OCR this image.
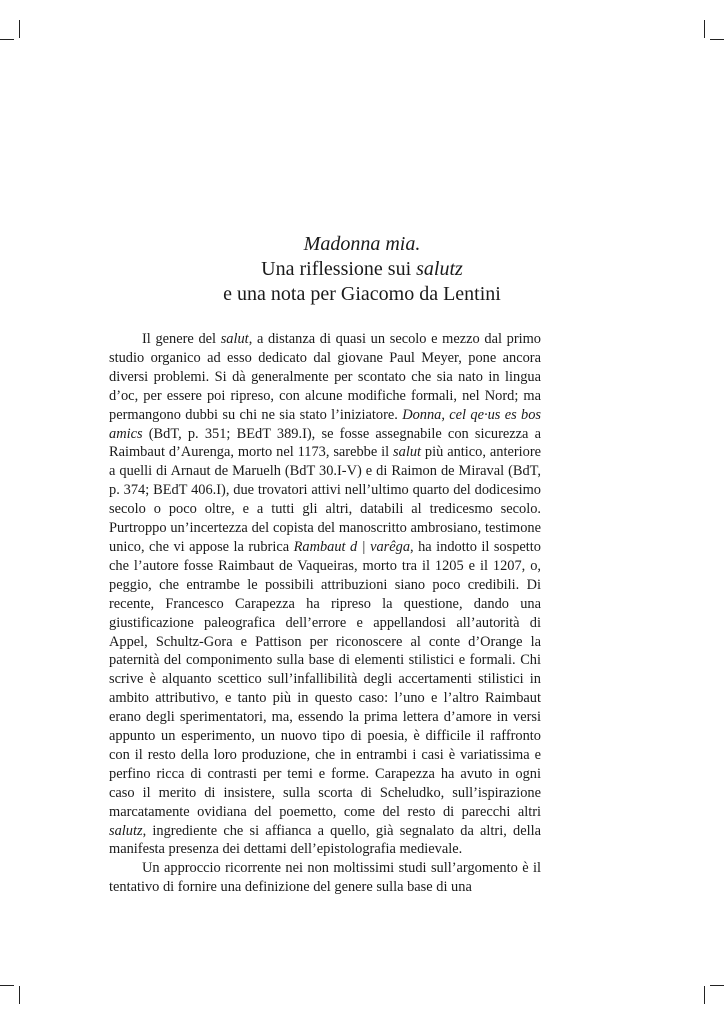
Madonna mia.
Una riflessione sui salutz
e una nota per Giacomo da Lentini

Il genere del salut, a distanza di quasi un secolo e mezzo dal primo studio organico ad esso dedicato dal giovane Paul Meyer, pone ancora diversi problemi. Si dà generalmente per scontato che sia nato in lingua d’oc, per essere poi ripreso, con alcune modifiche formali, nel Nord; ma permangono dubbi su chi ne sia stato l’iniziatore. Donna, cel qe·us es bos amics (BdT, p. 351; BEdT 389.I), se fosse assegnabile con sicurezza a Raimbaut d’Aurenga, morto nel 1173, sarebbe il salut più antico, anteriore a quelli di Arnaut de Maruelh (BdT 30.I-V) e di Raimon de Miraval (BdT, p. 374; BEdT 406.I), due trovatori attivi nell’ultimo quarto del dodicesimo secolo o poco oltre, e a tutti gli altri, databili al tredicesmo secolo. Purtroppo un’incertezza del copista del manoscritto ambrosiano, testimone unico, che vi appose la rubrica Rambaut d | varêga, ha indotto il sospetto che l’autore fosse Raimbaut de Vaqueiras, morto tra il 1205 e il 1207, o, peggio, che entrambe le possibili attribuzioni siano poco credibili. Di recente, Francesco Carapezza ha ripreso la questione, dando una giustificazione paleografica dell’errore e appellandosi all’autorità di Appel, Schultz-Gora e Pattison per riconoscere al conte d’Orange la paternità del componimento sulla base di elementi stilistici e formali. Chi scrive è alquanto scettico sull’infallibilità degli accertamenti stilistici in ambito attributivo, e tanto più in questo caso: l’uno e l’altro Raimbaut erano degli sperimentatori, ma, essendo la prima lettera d’amore in versi appunto un esperimento, un nuovo tipo di poesia, è difficile il raffronto con il resto della loro produzione, che in entrambi i casi è variatissima e perfino ricca di contrasti per temi e forme. Carapezza ha avuto in ogni caso il merito di insistere, sulla scorta di Scheludko, sull’ispirazione marcatamente ovidiana del poemetto, come del resto di parecchi altri salutz, ingrediente che si affianca a quello, già segnalato da altri, della manifesta presenza dei dettami dell’epistolografia medievale.

Un approccio ricorrente nei non moltissimi studi sull’argomento è il tentativo di fornire una definizione del genere sulla base di una
